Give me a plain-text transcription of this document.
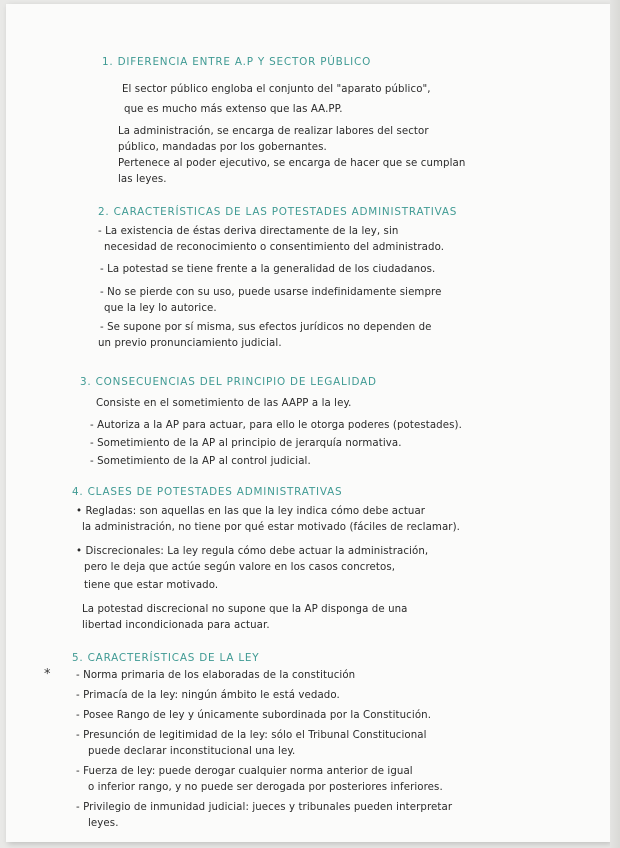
1. DIFERENCIA ENTRE A.P Y SECTOR PÚBLICO
El sector público engloba el conjunto del "aparato público",
que es mucho más extenso que las AA.PP.
La administración, se encarga de realizar labores del sector
público, mandadas por los gobernantes.
Pertenece al poder ejecutivo, se encarga de hacer que se cumplan
las leyes.
2. CARACTERÍSTICAS DE LAS POTESTADES ADMINISTRATIVAS
- La existencia de éstas deriva directamente de la ley, sin
necesidad de reconocimiento o consentimiento del administrado.
- La potestad se tiene frente a la generalidad de los ciudadanos.
- No se pierde con su uso, puede usarse indefinidamente siempre
que la ley lo autorice.
- Se supone por sí misma, sus efectos jurídicos no dependen de
un previo pronunciamiento judicial.
3. CONSECUENCIAS DEL PRINCIPIO DE LEGALIDAD
Consiste en el sometimiento de las AAPP a la ley.
- Autoriza a la AP para actuar, para ello le otorga poderes (potestades).
- Sometimiento de la AP al principio de jerarquía normativa.
- Sometimiento de la AP al control judicial.
4. CLASES DE POTESTADES ADMINISTRATIVAS
• Regladas: son aquellas en las que la ley indica cómo debe actuar
la administración, no tiene por qué estar motivado (fáciles de reclamar).
• Discrecionales: La ley regula cómo debe actuar la administración,
pero le deja que actúe según valore en los casos concretos,
tiene que estar motivado.
La potestad discrecional no supone que la AP disponga de una
libertad incondicionada para actuar.
5. CARACTERÍSTICAS DE LA LEY
*	- Norma primaria de los elaboradas de la constitución
- Primacía de la ley: ningún ámbito le está vedado.
- Posee Rango de ley y únicamente subordinada por la Constitución.
- Presunción de legitimidad de la ley: sólo el Tribunal Constitucional
puede declarar inconstitucional una ley.
- Fuerza de ley: puede derogar cualquier norma anterior de igual
o inferior rango, y no puede ser derogada por posteriores inferiores.
- Privilegio de inmunidad judicial: jueces y tribunales pueden interpretar
leyes.
